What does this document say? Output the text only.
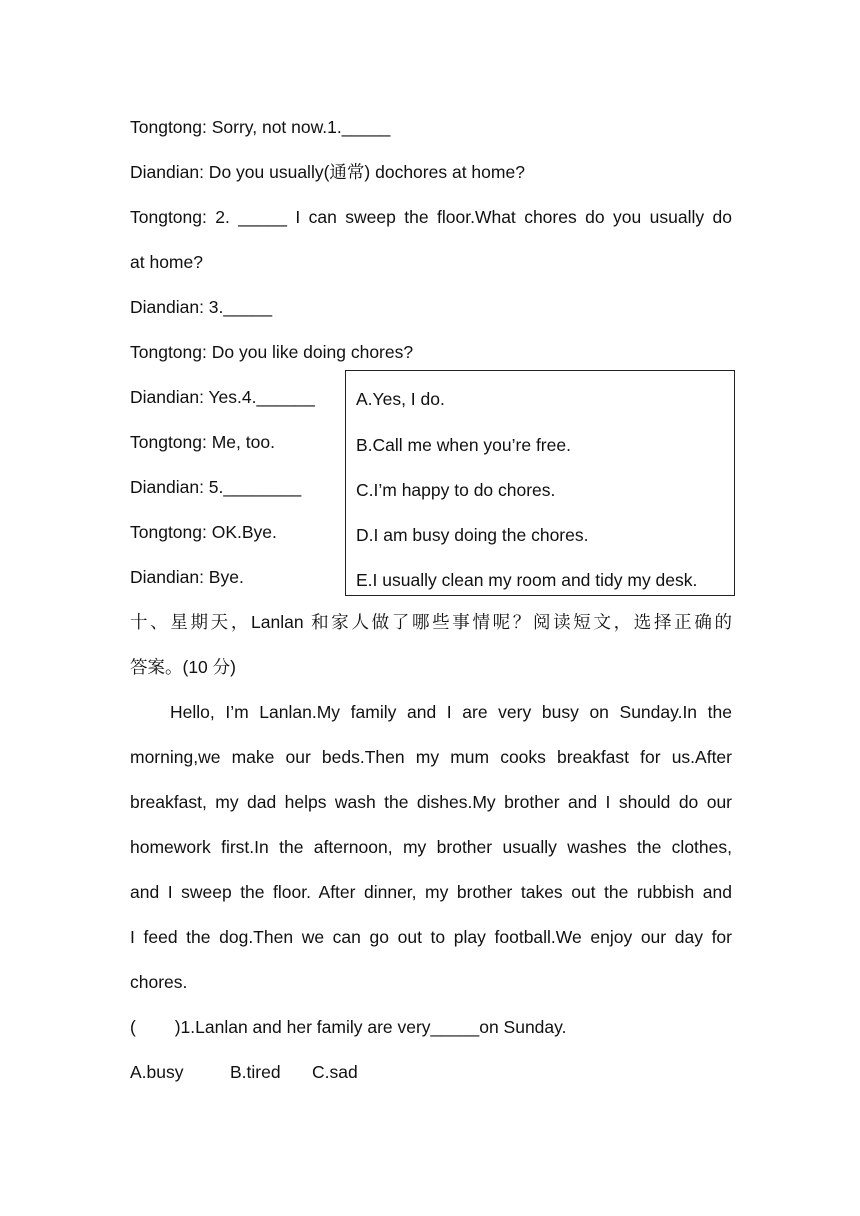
Tongtong: Sorry, not now.1._____
Diandian: Do you usually(通常) dochores at home?
Tongtong: 2. _____ I can sweep the floor.What chores do you usually do
at home?
Diandian: 3._____
Tongtong: Do you like doing chores?
Diandian: Yes.4.______
Tongtong: Me, too.
Diandian: 5.________
Tongtong: OK.Bye.
Diandian: Bye.
A.Yes, I do.
B.Call me when you’re free.
C.I’m happy to do chores.
D.I am busy doing the chores.
E.I usually clean my room and tidy my desk.
十、星期天，Lanlan 和家人做了哪些事情呢？阅读短文，选择正确的
答案。(10 分)
Hello, I’m Lanlan.My family and I are very busy on Sunday.In the
morning,we make our beds.Then my mum cooks breakfast for us.After
breakfast, my dad helps wash the dishes.My brother and I should do our
homework first.In the afternoon, my brother usually washes the clothes,
and I sweep the floor. After dinner, my brother takes out the rubbish and
I feed the dog.Then we can go out to play football.We enjoy our day for
chores.
(        )1.Lanlan and her family are very_____on Sunday.
A.busy	B.tired C.sad
